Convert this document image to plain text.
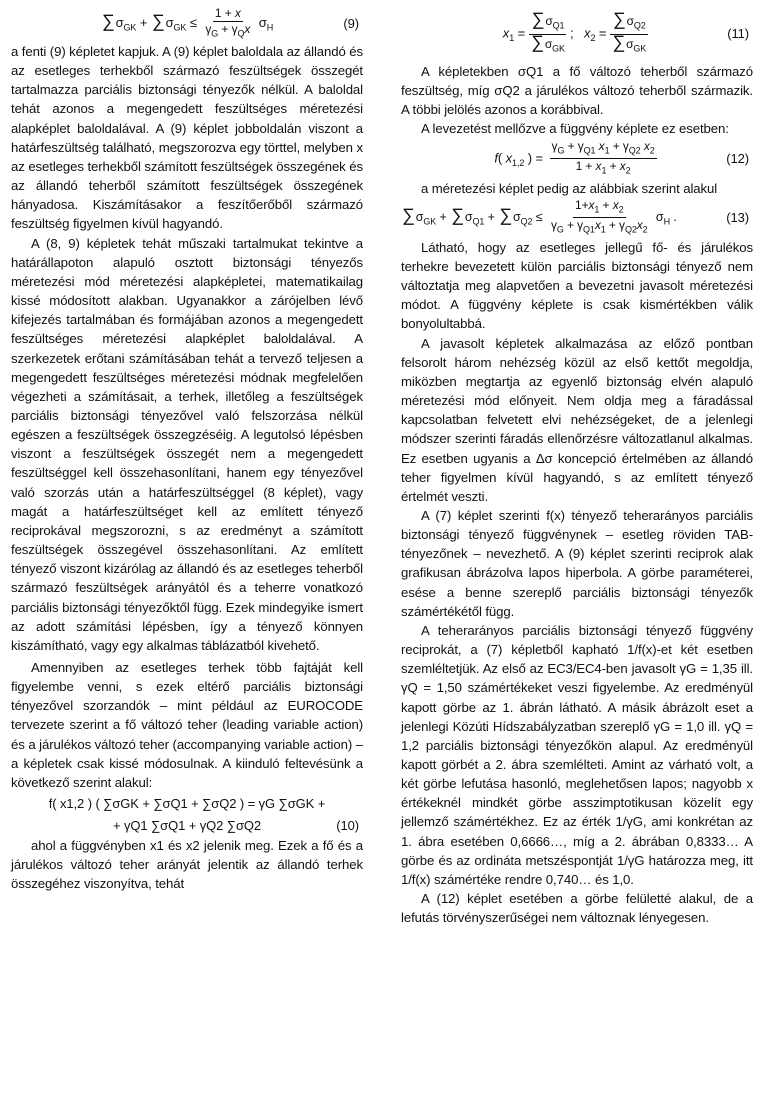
$\sum\sigma_{GK} + \sum\sigma_{GK} \le \frac{1 + x}{\gamma_G + \gamma_Qx} \sigma_H$	(9)

a fenti (9) képletet kapjuk. A (9) képlet baloldala az állandó és az esetleges terhekből származó feszültségek összegét tartalmazza parciális biztonsági tényezők nélkül. A baloldal tehát azonos a megengedett feszültséges méretezési alapképlet baloldalával. A (9) képlet jobboldalán viszont a határfeszültség található, megszorozva egy törttel, melyben x az esetleges terhekből számított feszültségek összegének és az állandó teherből számított feszültségek összegének hányadosa. Kiszámításakor a feszítőerőből származó feszültség figyelmen kívül hagyandó.

A (8, 9) képletek tehát műszaki tartalmukat tekintve a határállapoton alapuló osztott biztonsági tényezős méretezési mód méretezési alapképletei, matematikailag kissé módosított alakban. Ugyanakkor a zárójelben lévő kifejezés tartalmában és formájában azonos a megengedett feszültséges méretezési alapképlet baloldalával. A szerkezetek erőtani számításában tehát a tervező teljesen a megengedett feszültséges méretezési módnak megfelelően végezheti a számításait, a terhek, illetőleg a feszültségek parciális biztonsági tényezővel való felszorzása nélkül egészen a feszültségek összegzéséig. A legutolsó lépésben viszont a feszültségek összegét nem a megengedett feszültséggel kell összehasonlítani, hanem egy tényezővel való szorzás után a határfeszültséggel (8 képlet), vagy magát a határfeszültséget kell az említett tényező reciprokával megszorozni, s az eredményt a számított feszültségek összegével összehasonlítani. Az említett tényező viszont kizárólag az állandó és az esetleges teherből származó feszültségek arányától és a teherre vonatkozó parciális biztonsági tényezőktől függ. Ezek mindegyike ismert az adott számítási lépésben, így a tényező könnyen kiszámítható, vagy egy alkalmas táblázatból kivehető.

Amennyiben az esetleges terhek több fajtáját kell figyelembe venni, s ezek eltérő parciális biztonsági tényezővel szorzandók – mint például az EUROCODE tervezete szerint a fő változó teher (leading variable action) és a járulékos változó teher (accompanying variable action) – a képletek csak kissé módosulnak. A kiinduló feltevésünk a következő szerint alakul:

f( x1,2 ) ( ∑σGK + ∑σQ1 + ∑σQ2 ) = γG ∑σGK +
+ γQ1 ∑σQ1 + γQ2 ∑σQ2	(10)

ahol a függvényben x1 és x2 jelenik meg. Ezek a fő és a járulékos változó teher arányát jelentik az állandó terhek összegéhez viszonyítva, tehát

$x_1 = \frac{\sum\sigma_{Q1}}{\sum\sigma_{GK}}$ ;   $x_2 = \frac{\sum\sigma_{Q2}}{\sum\sigma_{GK}}$	(11)

A képletekben σQ1 a fő változó teherből származó feszültség, míg σQ2 a járulékos változó teherből származik. A többi jelölés azonos a korábbival.

A levezetést mellőzve a függvény képlete ez esetben:

f( $x_{1,2}$ ) = $\frac{\gamma_G + \gamma_{Q1} x_1 + \gamma_{Q2} x_2}{1 + x_1 + x_2}$	(12)

a méretezési képlet pedig az alábbiak szerint alakul

$\sum\sigma_{GK} + \sum\sigma_{Q1} + \sum\sigma_{Q2} \le \frac{1+x_1 + x_2}{\gamma_G + \gamma_{Q1}x_1 + \gamma_{Q2}x_2} \sigma_H$ .	(13)

Látható, hogy az esetleges jellegű fő- és járulékos terhekre bevezetett külön parciális biztonsági tényező nem változtatja meg alapvetően a bevezetni javasolt méretezési módot. A függvény képlete is csak kismértékben válik bonyolultabbá.

A javasolt képletek alkalmazása az előző pontban felsorolt három nehézség közül az első kettőt megoldja, miközben megtartja az egyenlő biztonság elvén alapuló méretezési mód előnyeit. Nem oldja meg a fáradással kapcsolatban felvetett elvi nehézségeket, de a jelenlegi módszer szerinti fáradás ellenőrzésre változatlanul alkalmas. Ez esetben ugyanis a Δσ koncepció értelmében az állandó teher figyelmen kívül hagyandó, s az említett tényező értelmét veszti.

A (7) képlet szerinti f(x) tényező teherarányos parciális biztonsági tényező függvénynek – esetleg röviden TAB-tényezőnek – nevezhető. A (9) képlet szerinti reciprok alak grafikusan ábrázolva lapos hiperbola. A görbe paraméterei, esése a benne szereplő parciális biztonsági tényezők számértékétől függ.

A teherarányos parciális biztonsági tényező függvény reciprokát, a (7) képletből kapható 1/f(x)-et két esetben szemléltetjük. Az első az EC3/EC4-ben javasolt γG = 1,35 ill. γQ = 1,50 számértékeket veszi figyelembe. Az eredményül kapott görbe az 1. ábrán látható. A másik ábrázolt eset a jelenlegi Közúti Hídszabályzatban szereplő γG = 1,0 ill. γQ = 1,2 parciális biztonsági tényezőkön alapul. Az eredményül kapott görbét a 2. ábra szemlélteti. Amint az várható volt, a két görbe lefutása hasonló, meglehetősen lapos; nagyobb x értékeknél mindkét görbe asszimptotikusan közelít egy jellemző számértékhez. Ez az érték 1/γG, ami konkrétan az 1. ábra esetében 0,6666…, míg a 2. ábrában 0,8333… A görbe és az ordináta metszéspontját 1/γG határozza meg, itt 1/f(x) számértéke rendre 0,740… és 1,0.

A (12) képlet esetében a görbe felületté alakul, de a lefutás törvényszerűségei nem változnak lényegesen.
